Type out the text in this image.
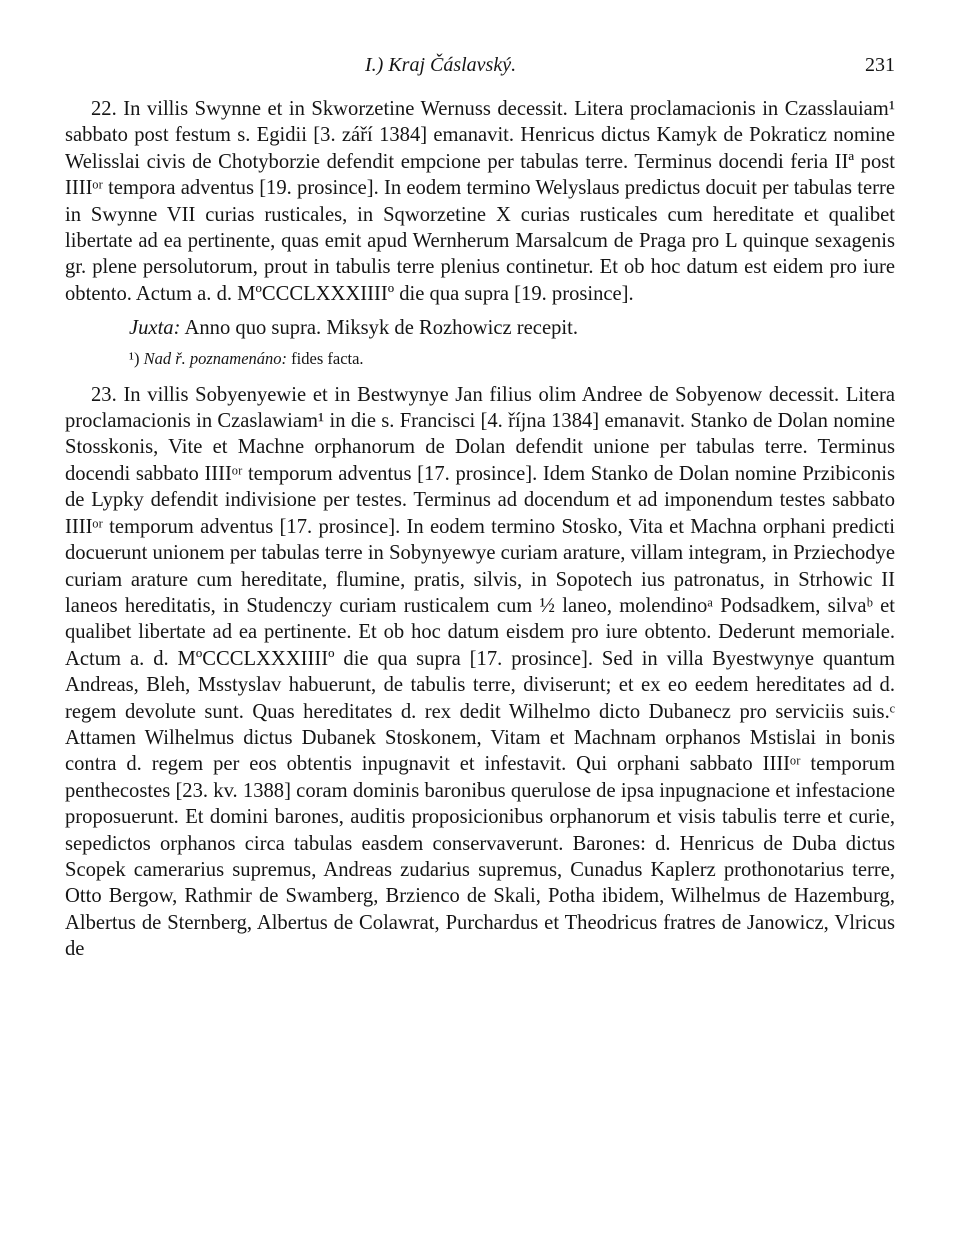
I.) Kraj Čáslavský.	231

22. In villis Swynne et in Skworzetine Wernuss decessit. Litera proclamacionis in Czasslauiam¹ sabbato post festum s. Egidii [3. září 1384] emanavit. Henricus dictus Kamyk de Pokraticz nomine Welisslai civis de Chotyborzie defendit empcione per tabulas terre. Terminus docendi feria IIª post IIIIᵒʳ tempora adventus [19. prosince]. In eodem termino Welyslaus predictus docuit per tabulas terre in Swynne VII curias rusticales, in Sqworzetine X curias rusticales cum hereditate et qualibet libertate ad ea pertinente, quas emit apud Wernherum Marsalcum de Praga pro L quinque sexagenis gr. plene persolutorum, prout in tabulis terre plenius continetur. Et ob hoc datum est eidem pro iure obtento. Actum a. d. MºCCCLXXXIIIIº die qua supra [19. prosince].

Juxta: Anno quo supra. Miksyk de Rozhowicz recepit.

¹) Nad ř. poznamenáno: fides facta.

23. In villis Sobyenyewie et in Bestwynye Jan filius olim Andree de Sobyenow decessit. Litera proclamacionis in Czaslawiam¹ in die s. Francisci [4. října 1384] emanavit. Stanko de Dolan nomine Stosskonis, Vite et Machne orphanorum de Dolan defendit unione per tabulas terre. Terminus docendi sabbato IIIIᵒʳ temporum adventus [17. prosince]. Idem Stanko de Dolan nomine Przibiconis de Lypky defendit indivisione per testes. Terminus ad docendum et ad imponendum testes sabbato IIIIᵒʳ temporum adventus [17. prosince]. In eodem termino Stosko, Vita et Machna orphani predicti docuerunt unionem per tabulas terre in Sobynyewye curiam arature, villam integram, in Prziechodye curiam arature cum hereditate, flumine, pratis, silvis, in Sopotech ius patronatus, in Strhowic II laneos hereditatis, in Studenczy curiam rusticalem cum ½ laneo, molendinoᵃ Podsadkem, silvaᵇ et qualibet libertate ad ea pertinente. Et ob hoc datum eisdem pro iure obtento. Dederunt memoriale. Actum a. d. MºCCCLXXXIIIIº die qua supra [17. prosince]. Sed in villa Byestwynye quantum Andreas, Bleh, Msstyslav habuerunt, de tabulis terre, diviserunt; et ex eo eedem hereditates ad d. regem devolute sunt. Quas hereditates d. rex dedit Wilhelmo dicto Dubanecz pro serviciis suis.ᶜ Attamen Wilhelmus dictus Dubanek Stoskonem, Vitam et Machnam orphanos Mstislai in bonis contra d. regem per eos obtentis inpugnavit et infestavit. Qui orphani sabbato IIIIᵒʳ temporum penthecostes [23. kv. 1388] coram dominis baronibus querulose de ipsa inpugnacione et infestacione proposuerunt. Et domini barones, auditis proposicionibus orphanorum et visis tabulis terre et curie, sepedictos orphanos circa tabulas easdem conservaverunt. Barones: d. Henricus de Duba dictus Scopek camerarius supremus, Andreas zudarius supremus, Cunadus Kaplerz prothonotarius terre, Otto Bergow, Rathmir de Swamberg, Brzienco de Skali, Potha ibidem, Wilhelmus de Hazemburg, Albertus de Sternberg, Albertus de Colawrat, Purchardus et Theodricus fratres de Janowicz, Vlricus de
